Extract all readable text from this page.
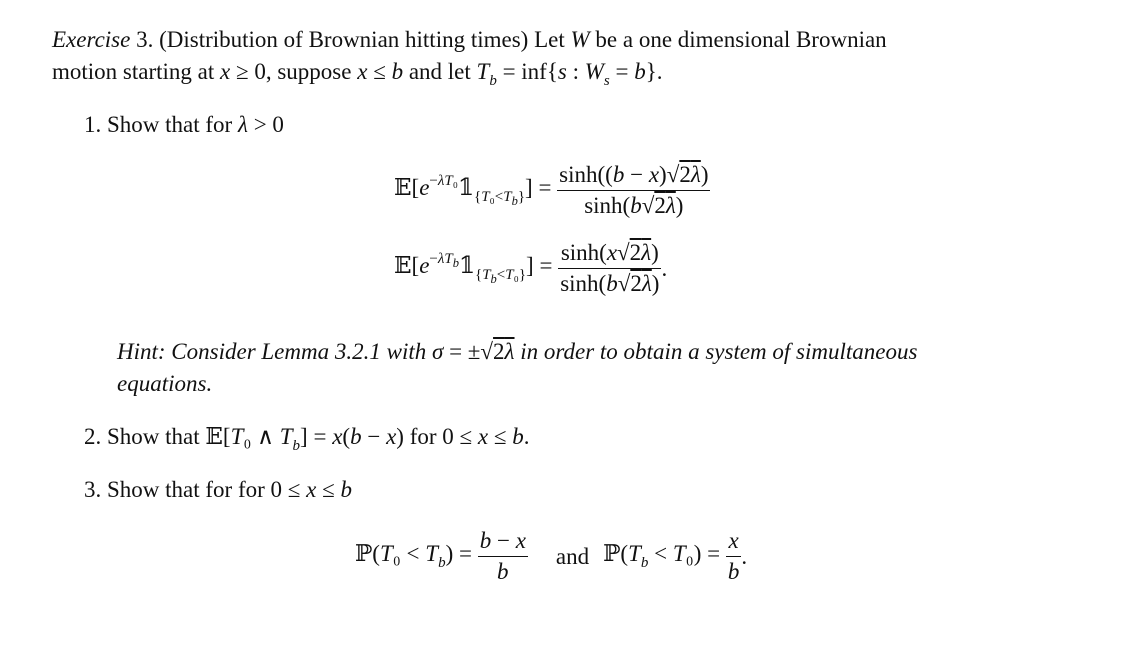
Exercise 3. (Distribution of Brownian hitting times) Let W be a one dimensional Brownian
motion starting at x ≥ 0, suppose x ≤ b and let $T_b = inf\{s$ : $W_s = b$}.
1. Show that for λ > 0
$𝔼[e^{-\lambda T_0}𝟙_{\{T_0<T_b\}}] = \frac{\sinh((b - x)√2\lambda)}{\sinh(b√2\lambda)}$
$𝔼[e^{-\lambda T_b}𝟙_{\{T_b<T_0\}}] = \frac{\sinh(x√2\lambda)}{\sinh(b√2\lambda)}$ .
Hint: Consider Lemma 3.2.1 with σ = ±√2λ in order to obtain a system of simultaneous
equations.
2. Show that 𝔼[T₀ ∧ $T_b] = x(b - x)$ for 0 ≤ x ≤ b.
3. Show that for for 0 ≤ x ≤ b
ℙ(T₀ < $T_b) = \frac{b - x}{b}$ and $ℙ(T_b < T_0) = \frac{x}{b}$ .
